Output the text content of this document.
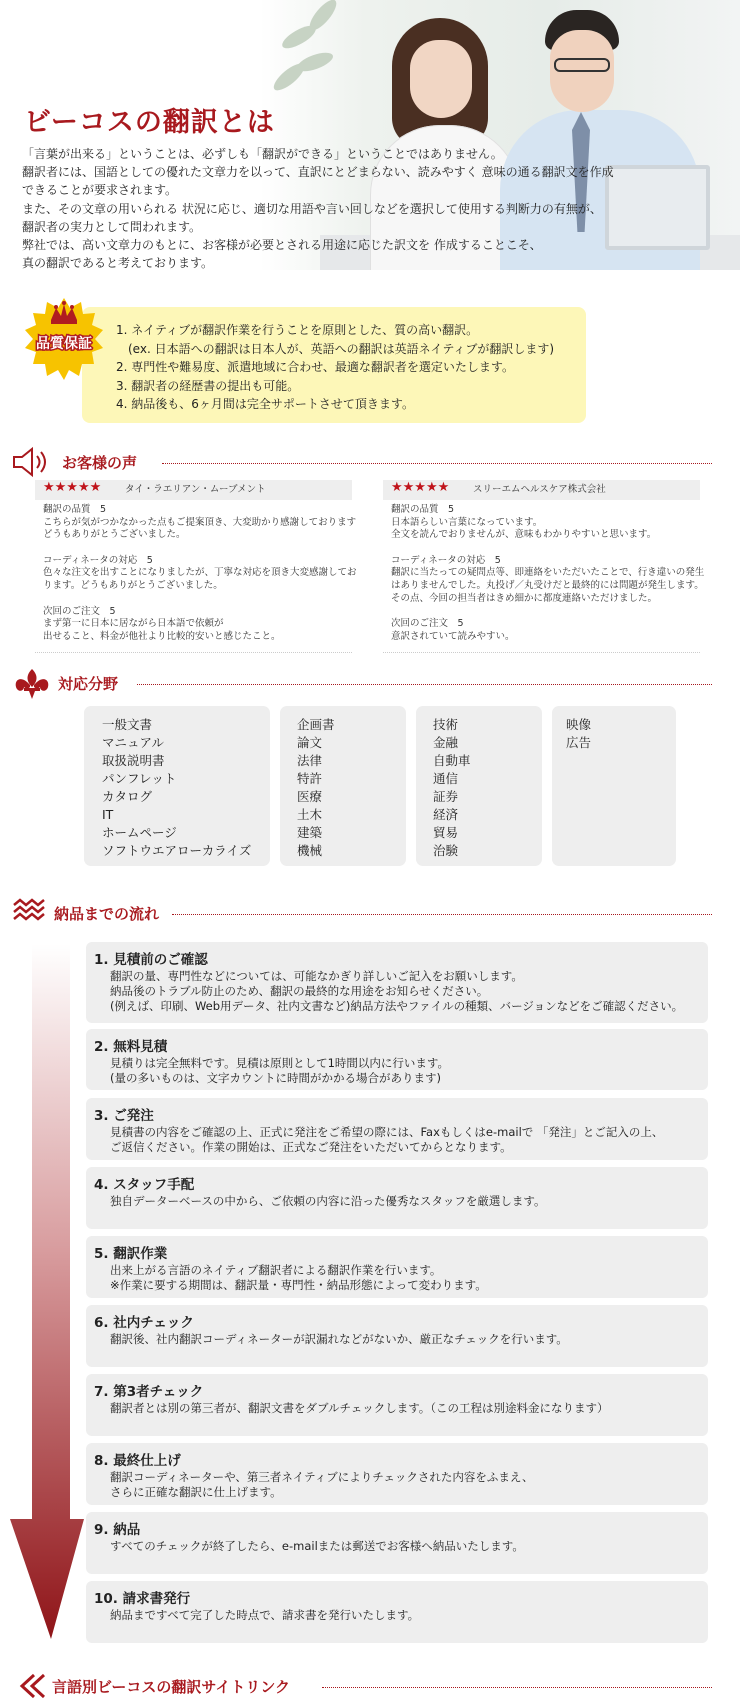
ビーコスの翻訳とは

「言葉が出来る」ということは、必ずしも「翻訳ができる」ということではありません。

翻訳者には、国語としての優れた文章力を以って、直訳にとどまらない、読みやすく 意味の通る翻訳文を作成

できることが要求されます。

また、その文章の用いられる 状況に応じ、適切な用語や言い回しなどを選択して使用する判断力の有無が、

翻訳者の実力として問われます。

弊社では、高い文章力のもとに、お客様が必要とされる用途に応じた訳文を 作成することこそ、

真の翻訳であると考えております。

1. ネイティブが翻訳作業を行うことを原則とした、質の高い翻訳。
　(ex. 日本語への翻訳は日本人が、英語への翻訳は英語ネイティブが翻訳します)
2. 専門性や難易度、派遣地域に合わせ、最適な翻訳者を選定いたします。
3. 翻訳者の経歴書の提出も可能。
4. 納品後も、6ヶ月間は完全サポートさせて頂きます。
品質保証
お客様の声
★★★★★ タイ・ラエリアン・ムーブメント
翻訳の品質　5
こちらが気がつかなかった点もご提案頂き、大変助かり感謝しております
どうもありがとうございました。
コーディネータの対応　5
色々な注文を出すことになりましたが、丁寧な対応を頂き大変感謝してお
ります。どうもありがとうございました。
次回のご注文　5
まず第一に日本に居ながら日本語で依頼が
出せること、料金が他社より比較的安いと感じたこと。
★★★★★ スリーエムヘルスケア株式会社
翻訳の品質　5
日本語らしい言葉になっています。
全文を読んでおりませんが、意味もわかりやすいと思います。
コーディネータの対応　5
翻訳に当たっての疑問点等、即連絡をいただいたことで、行き違いの発生
はありませんでした。丸投げ／丸受けだと最終的には問題が発生します。
その点、今回の担当者はきめ細かに都度連絡いただけました。
次回のご注文　5
意訳されていて読みやすい。
対応分野
一般文書
マニュアル
取扱説明書
パンフレット
カタログ
IT
ホームページ
ソフトウエアローカライズ
企画書
論文
法律
特許
医療
土木
建築
機械
技術
金融
自動車
通信
証券
経済
貿易
治験
映像
広告
納品までの流れ
1. 見積前のご確認
翻訳の量、専門性などについては、可能なかぎり詳しいご記入をお願いします。
納品後のトラブル防止のため、翻訳の最終的な用途をお知らせください。
(例えば、印刷、Web用データ、社内文書など)納品方法やファイルの種類、バージョンなどをご確認ください。
2. 無料見積
見積りは完全無料です。見積は原則として1時間以内に行います。
(量の多いものは、文字カウントに時間がかかる場合があります)
3. ご発注
見積書の内容をご確認の上、正式に発注をご希望の際には、Faxもしくはe-mailで 「発注」とご記入の上、
ご返信ください。作業の開始は、正式なご発注をいただいてからとなります。
4. スタッフ手配
独自データーベースの中から、ご依頼の内容に沿った優秀なスタッフを厳選します。
5. 翻訳作業
出来上がる言語のネイティブ翻訳者による翻訳作業を行います。
※作業に要する期間は、翻訳量・専門性・納品形態によって変わります。
6. 社内チェック
翻訳後、社内翻訳コーディネーターが訳漏れなどがないか、厳正なチェックを行います。
7. 第3者チェック
翻訳者とは別の第三者が、翻訳文書をダブルチェックします。（この工程は別途料金になります）
8. 最終仕上げ
翻訳コーディネーターや、第三者ネイティブによりチェックされた内容をふまえ、
さらに正確な翻訳に仕上げます。
9. 納品
すべてのチェックが終了したら、e-mailまたは郵送でお客様へ納品いたします。
10. 請求書発行
納品まですべて完了した時点で、請求書を発行いたします。
言語別ビーコスの翻訳サイトリンク
